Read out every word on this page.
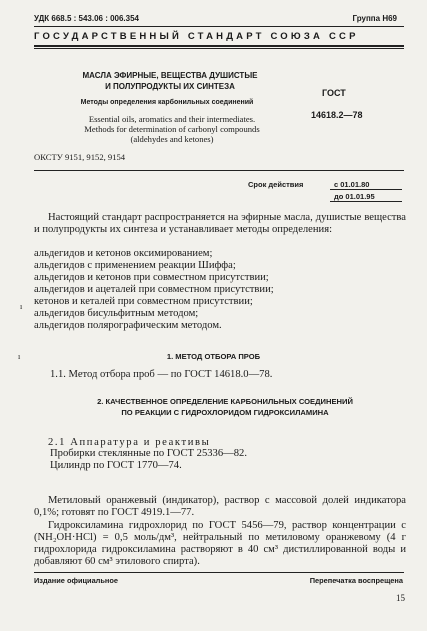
УДК 668.5 : 543.06 : 006.354	Группа Н69
ГОСУДАРСТВЕННЫЙ СТАНДАРТ СОЮЗА ССР
МАСЛА ЭФИРНЫЕ, ВЕЩЕСТВА ДУШИСТЫЕ
И ПОЛУПРОДУКТЫ ИХ СИНТЕЗА
Методы определения карбонильных соединений
Essential oils, aromatics and their intermediates.
Methods for determination of carbonyl compounds
(aldehydes and ketones)
ОКСТУ 9151, 9152, 9154
ГОСТ
14618.2—78
Срок действия	с 01.01.80
до 01.01.95
Настоящий стандарт распространяется на эфирные масла, душистые вещества и полупродукты их синтеза и устанавливает методы определения:
альдегидов и кетонов оксимированием;
альдегидов с применением реакции Шиффа;
альдегидов и кетонов при совместном присутствии;
альдегидов и ацеталей при совместном присутствии;
кетонов и кеталей при совместном присутствии;
альдегидов бисульфитным методом;
альдегидов полярографическим методом.
ı
ı	1. МЕТОД ОТБОРА ПРОБ
1.1. Метод отбора проб — по ГОСТ 14618.0—78.
2. КАЧЕСТВЕННОЕ ОПРЕДЕЛЕНИЕ КАРБОНИЛЬНЫХ СОЕДИНЕНИЙ
ПО РЕАКЦИИ С ГИДРОХЛОРИДОМ ГИДРОКСИЛАМИНА
2.1 Аппаратура и реактивы
Пробирки стеклянные по ГОСТ 25336—82.
Цилиндр по ГОСТ 1770—74.
Метиловый оранжевый (индикатор), раствор с массовой долей индикатора 0,1%; готовят по ГОСТ 4919.1—77.
Гидроксиламина гидрохлорид по ГОСТ 5456—79, раствор концентрации c (NH₂OH·HCl) = 0,5 моль/дм³, нейтральный по метиловому оранжевому (4 г гидрохлорида гидроксиламина растворяют в 40 см³ дистиллированной воды и добавляют 60 см³ этилового спирта).
Издание официальное	Перепечатка воспрещена
15
